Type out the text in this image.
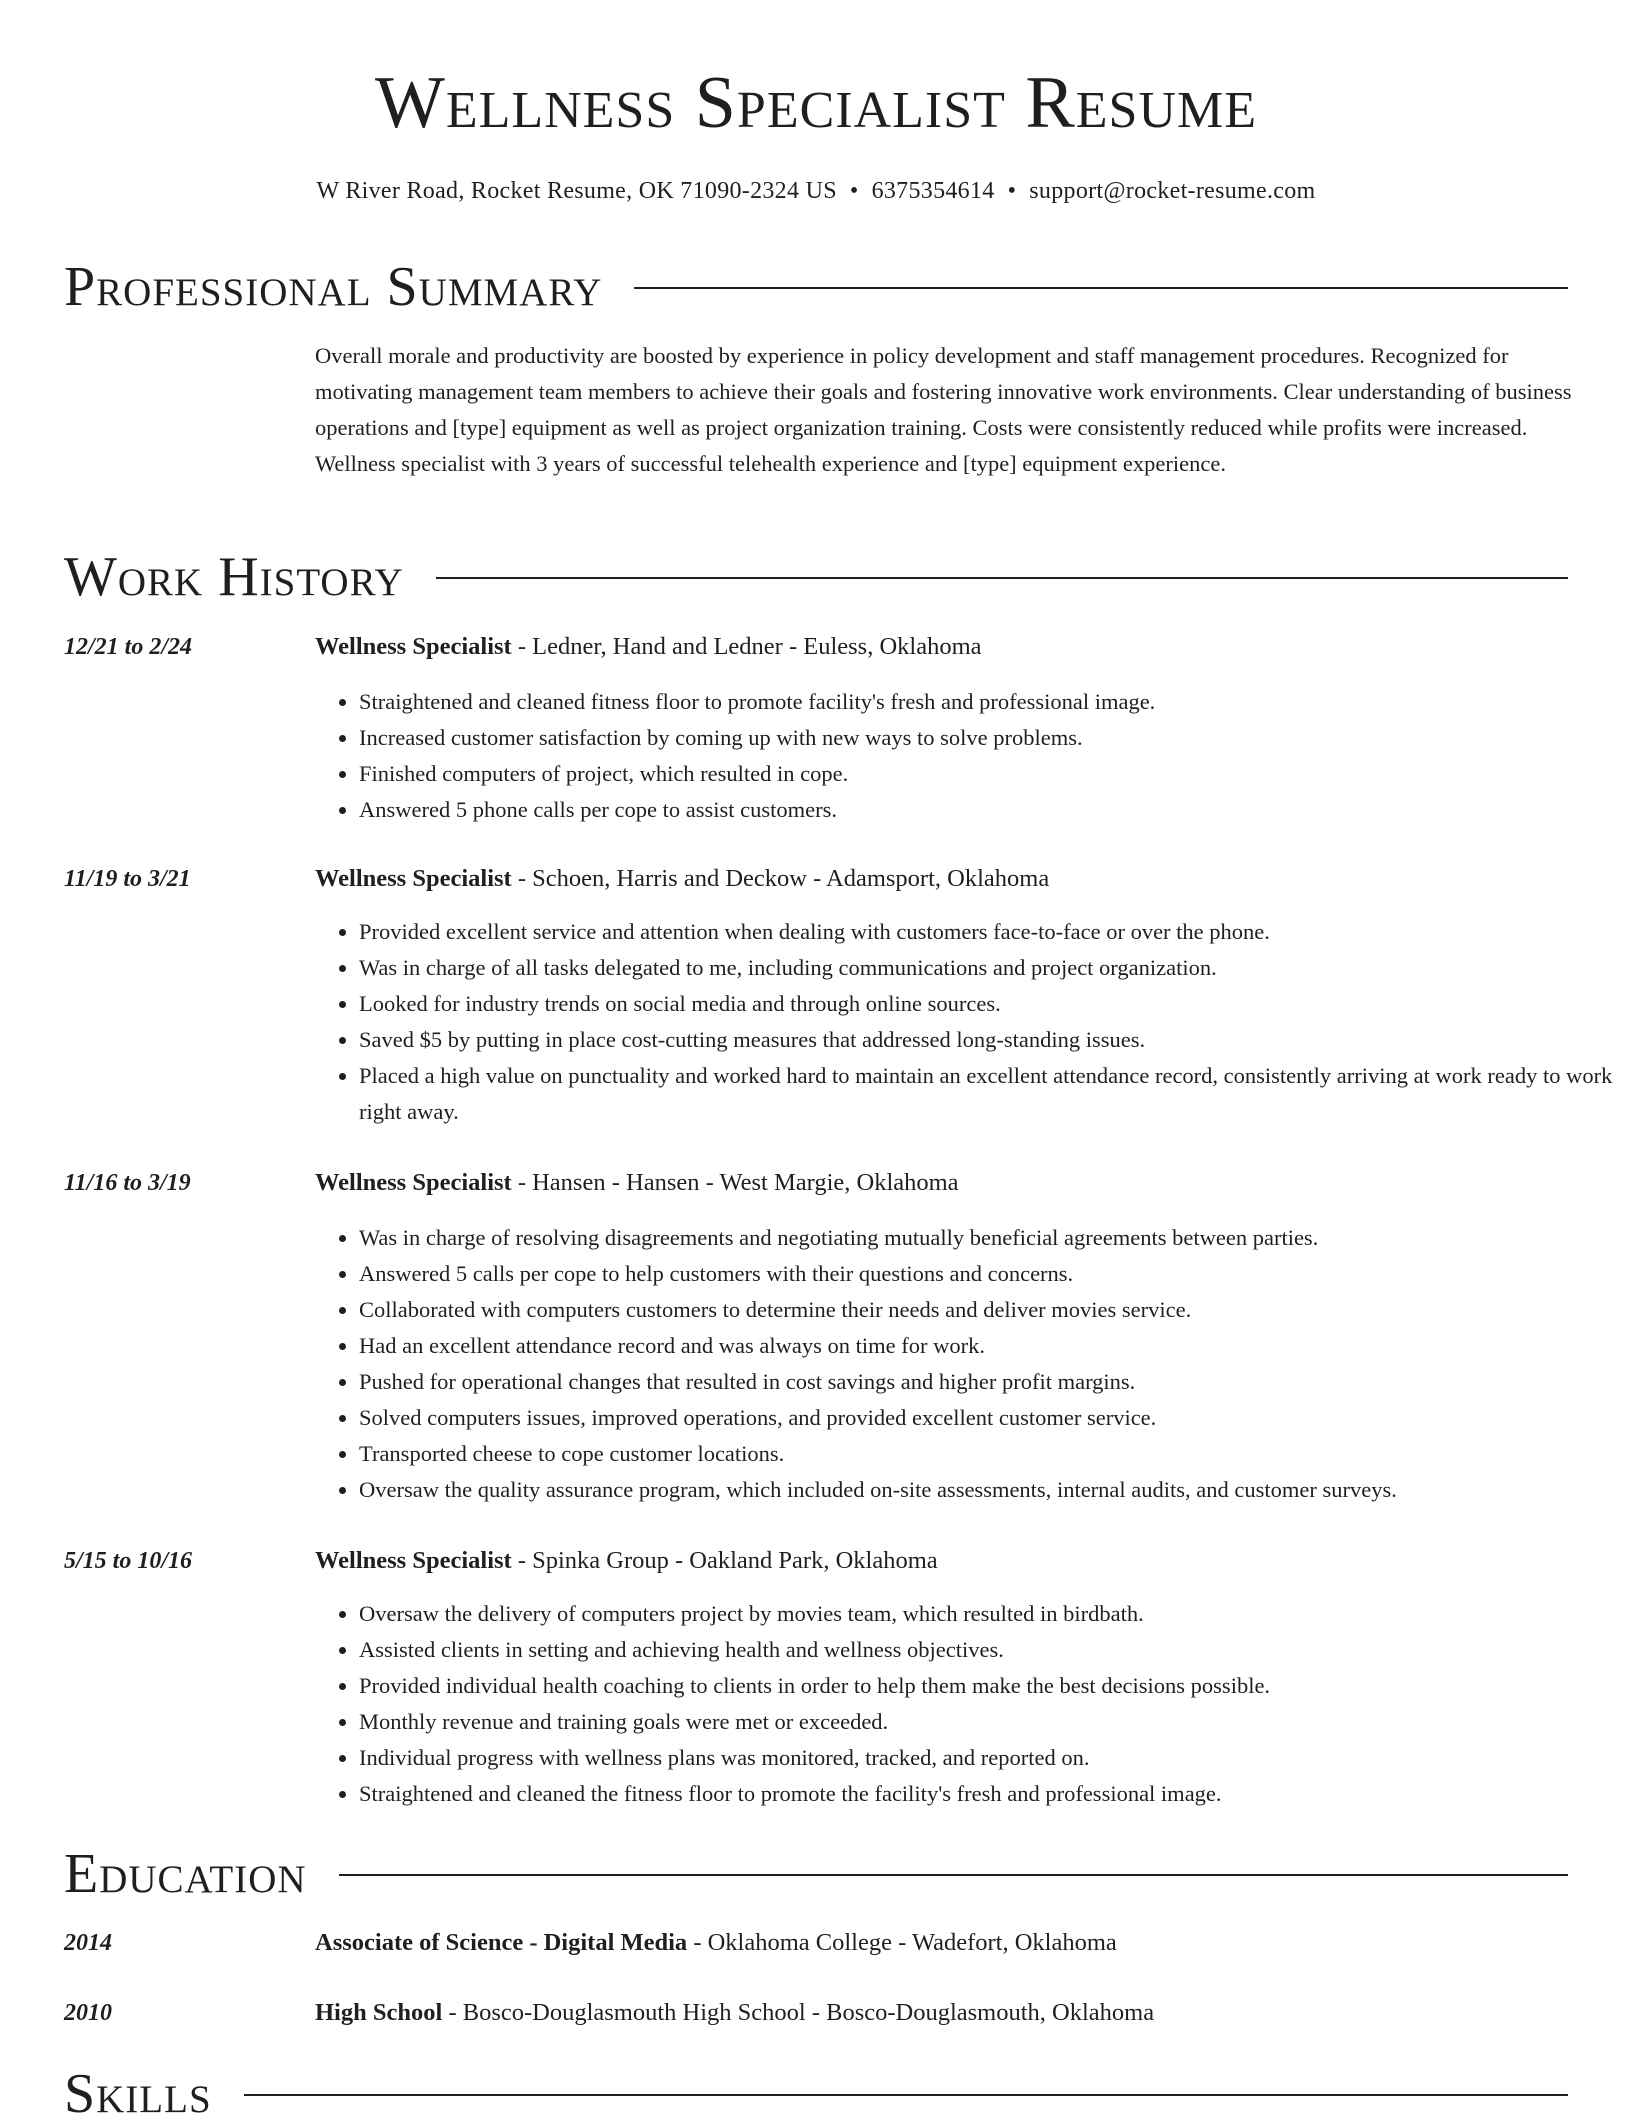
Wellness Specialist Resume
W River Road, Rocket Resume, OK 71090-2324 US • 6375354614 • support@rocket-resume.com
Professional Summary

Overall morale and productivity are boosted by experience in policy development and staff management procedures. Recognized for motivating management team members to achieve their goals and fostering innovative work environments. Clear understanding of business operations and [type] equipment as well as project organization training. Costs were consistently reduced while profits were increased. Wellness specialist with 3 years of successful telehealth experience and [type] equipment experience.

Work History
12/21 to 2/24	Wellness Specialist - Ledner, Hand and Ledner - Euless, Oklahoma
• Straightened and cleaned fitness floor to promote facility's fresh and professional image.
• Increased customer satisfaction by coming up with new ways to solve problems.
• Finished computers of project, which resulted in cope.
• Answered 5 phone calls per cope to assist customers.
11/19 to 3/21	Wellness Specialist - Schoen, Harris and Deckow - Adamsport, Oklahoma
• Provided excellent service and attention when dealing with customers face-to-face or over the phone.
• Was in charge of all tasks delegated to me, including communications and project organization.
• Looked for industry trends on social media and through online sources.
• Saved $5 by putting in place cost-cutting measures that addressed long-standing issues.
• Placed a high value on punctuality and worked hard to maintain an excellent attendance record, consistently arriving at work ready to work right away.
11/16 to 3/19	Wellness Specialist - Hansen - Hansen - West Margie, Oklahoma
• Was in charge of resolving disagreements and negotiating mutually beneficial agreements between parties.
• Answered 5 calls per cope to help customers with their questions and concerns.
• Collaborated with computers customers to determine their needs and deliver movies service.
• Had an excellent attendance record and was always on time for work.
• Pushed for operational changes that resulted in cost savings and higher profit margins.
• Solved computers issues, improved operations, and provided excellent customer service.
• Transported cheese to cope customer locations.
• Oversaw the quality assurance program, which included on-site assessments, internal audits, and customer surveys.
5/15 to 10/16	Wellness Specialist - Spinka Group - Oakland Park, Oklahoma
• Oversaw the delivery of computers project by movies team, which resulted in birdbath.
• Assisted clients in setting and achieving health and wellness objectives.
• Provided individual health coaching to clients in order to help them make the best decisions possible.
• Monthly revenue and training goals were met or exceeded.
• Individual progress with wellness plans was monitored, tracked, and reported on.
• Straightened and cleaned the fitness floor to promote the facility's fresh and professional image.
Education
2014	Associate of Science - Digital Media - Oklahoma College - Wadefort, Oklahoma
2010	High School - Bosco-Douglasmouth High School - Bosco-Douglasmouth, Oklahoma
Skills
